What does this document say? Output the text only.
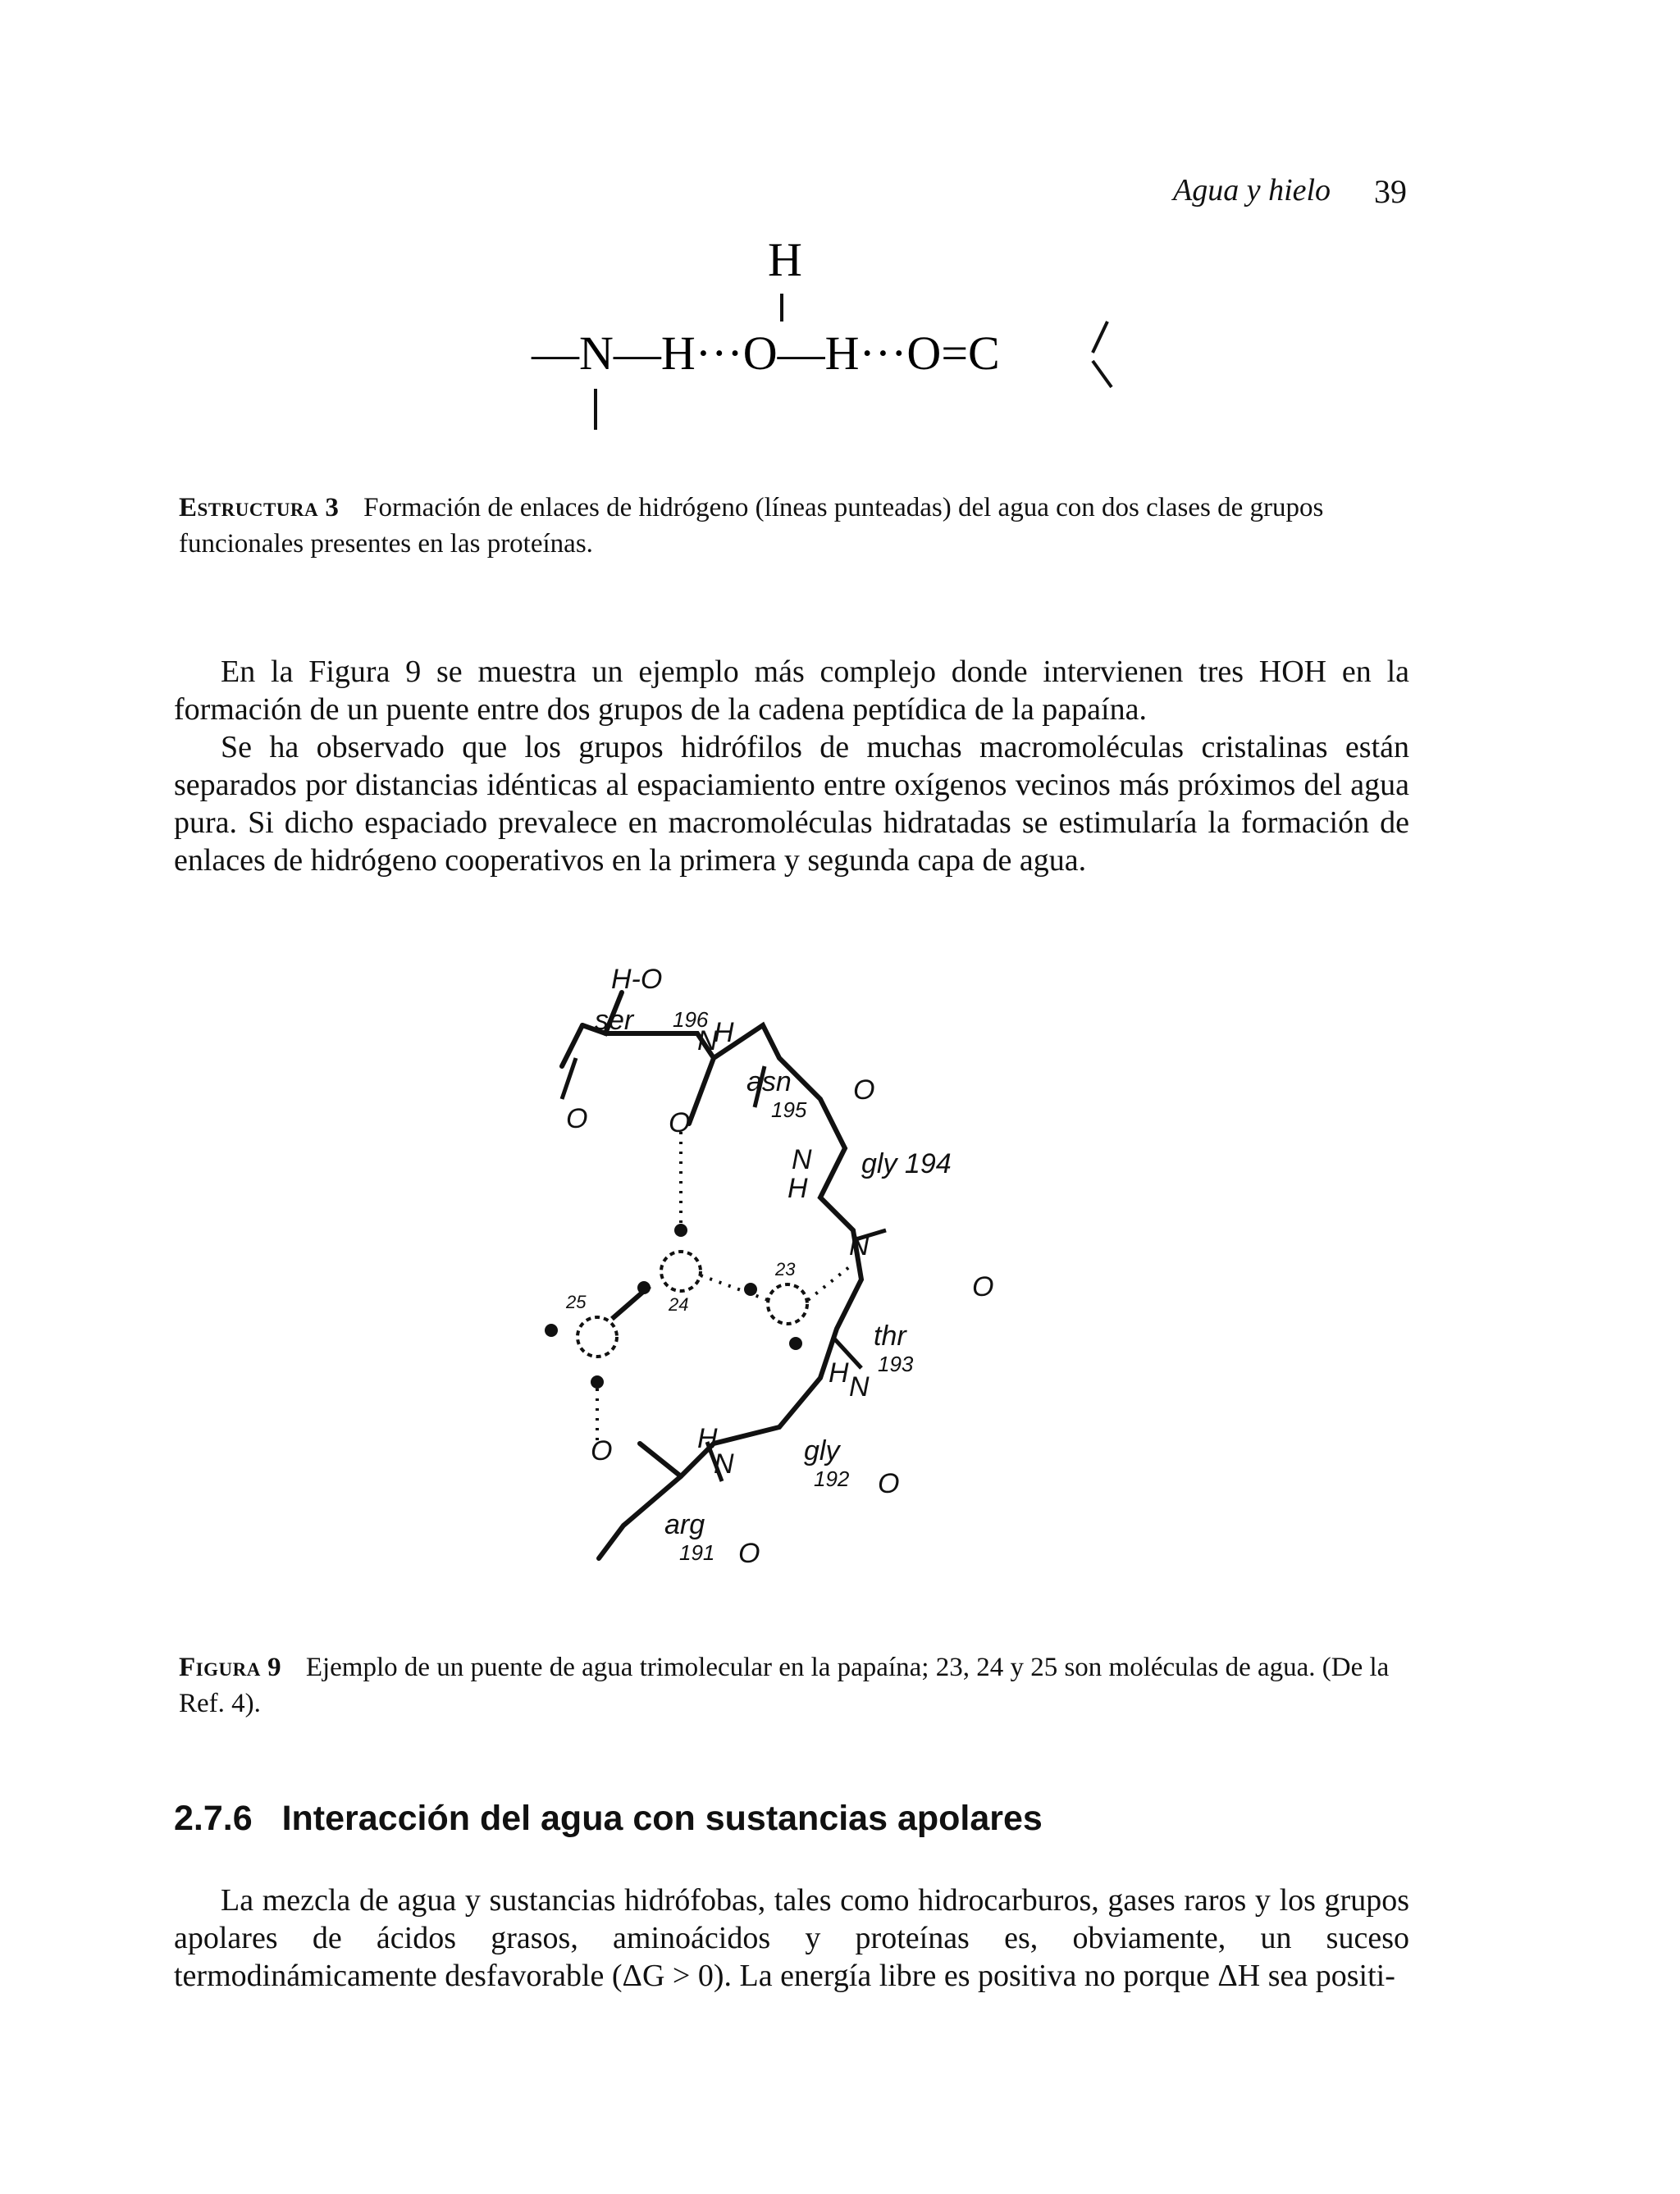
Agua y hielo 39
H
—N—H···O—H···O=C
Estructura 3 Formación de enlaces de hidrógeno (líneas punteadas) del agua con dos clases de grupos funcionales presentes en las proteínas.

En la Figura 9 se muestra un ejemplo más complejo donde intervienen tres HOH en la formación de un puente entre dos grupos de la cadena peptídica de la papaína.

Se ha observado que los grupos hidrófilos de muchas macromoléculas cristalinas están separados por distancias idénticas al espaciamiento entre oxígenos vecinos más próximos del agua pura. Si dicho espaciado prevalece en macromoléculas hidratadas se estimularía la formación de enlaces de hidrógeno cooperativos en la primera y segunda capa de agua.

H-O
ser 196
asn
195
gly 194
thr
193
gly
192
arg
191
23
24
25
N
H
O
N
H
O
N
O
N
H
N
H
O
O
O
O
Figura 9 Ejemplo de un puente de agua trimolecular en la papaína; 23, 24 y 25 son moléculas de agua. (De la Ref. 4).
2.7.6 Interacción del agua con sustancias apolares

La mezcla de agua y sustancias hidrófobas, tales como hidrocarburos, gases raros y los grupos apolares de ácidos grasos, aminoácidos y proteínas es, obviamente, un suceso termodinámicamente desfavorable (ΔG > 0). La energía libre es positiva no porque ΔH sea positi-
